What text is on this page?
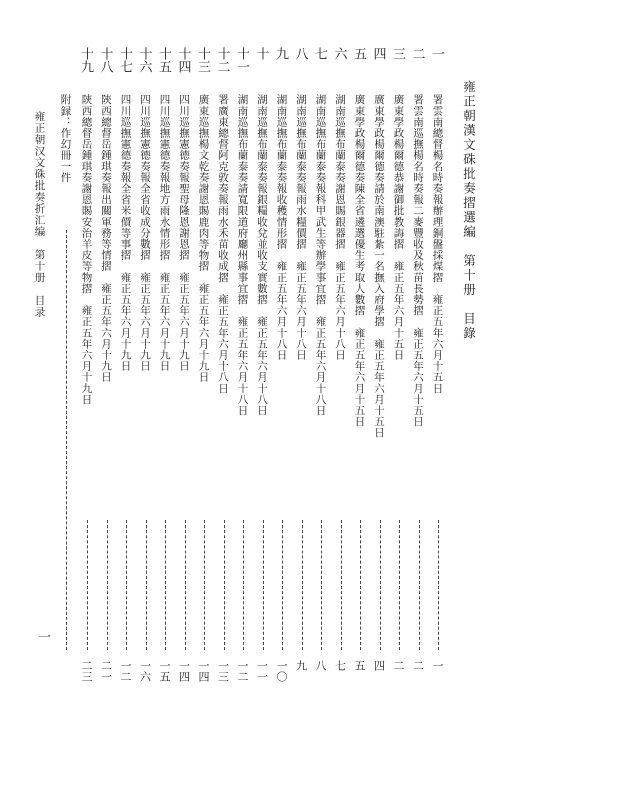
雍正朝漢文硃批奏摺選編　第十册　目錄
一
二
三
四
五
六
七
八
九
十
十一
十二
十三
十四
十五
十六
十七
十八
十九
署雲南總督楊名時奏報辦理銅盤採煤摺　雍正五年六月十五日
署雲南巡撫楊名時奏報二麥豐收及秋苗長勢摺　雍正五年六月十五日
廣東學政楊爾德恭謝御批教誨摺　雍正五年六月十五日
廣東學政楊爾德奏請於南澳駐紮一名撫入府學摺　雍正五年六月十五日
廣東學政楊爾德奏陳全省遴選優生考取人數摺　雍正五年六月十五日
湖南巡撫布蘭泰奏謝恩賜銀器摺　雍正五年六月十八日
湖南巡撫布蘭泰奏報科甲武生等辦學事宜摺　雍正五年六月十八日
湖南巡撫布蘭泰奏報雨水糧價摺　雍正五年六月十八日
湖南巡撫布蘭泰奏報收穫情形摺　雍正五年六月十八日
湖南巡撫布蘭泰奏報銀糧收兌並收支實數摺　雍正五年六月十八日
湖南巡撫布蘭泰奏請寬限道府廳州縣事宜摺　雍正五年六月十八日
署廣東總督阿克敦奏報雨水禾苗收成摺　雍正五年六月十八日
廣東巡撫楊文乾奏謝恩賜鹿肉等物摺　雍正五年六月十九日
四川巡撫憲德奏報聖母隆恩謝恩摺　雍正五年六月十九日
四川巡撫憲德奏報地方雨水情形摺　雍正五年六月十九日
四川巡撫憲德奏報全省收成分數摺　雍正五年六月十九日
四川巡撫憲德奏報全省米價等事摺　雍正五年六月十九日
陝西總督岳鍾琪奏報出關軍務等情摺　雍正五年六月十九日
陝西總督岳鍾琪奏謝恩賜安治羊皮等物摺　雍正五年六月十九日
一
二
二
四
五
七
八
九
一〇
一一
一二
一三
一四
一四
一五
一六
一二
二一
二三
附録：作幻冊一件
雍正朝汉文硃批奏折汇编　第十册　目录
一
